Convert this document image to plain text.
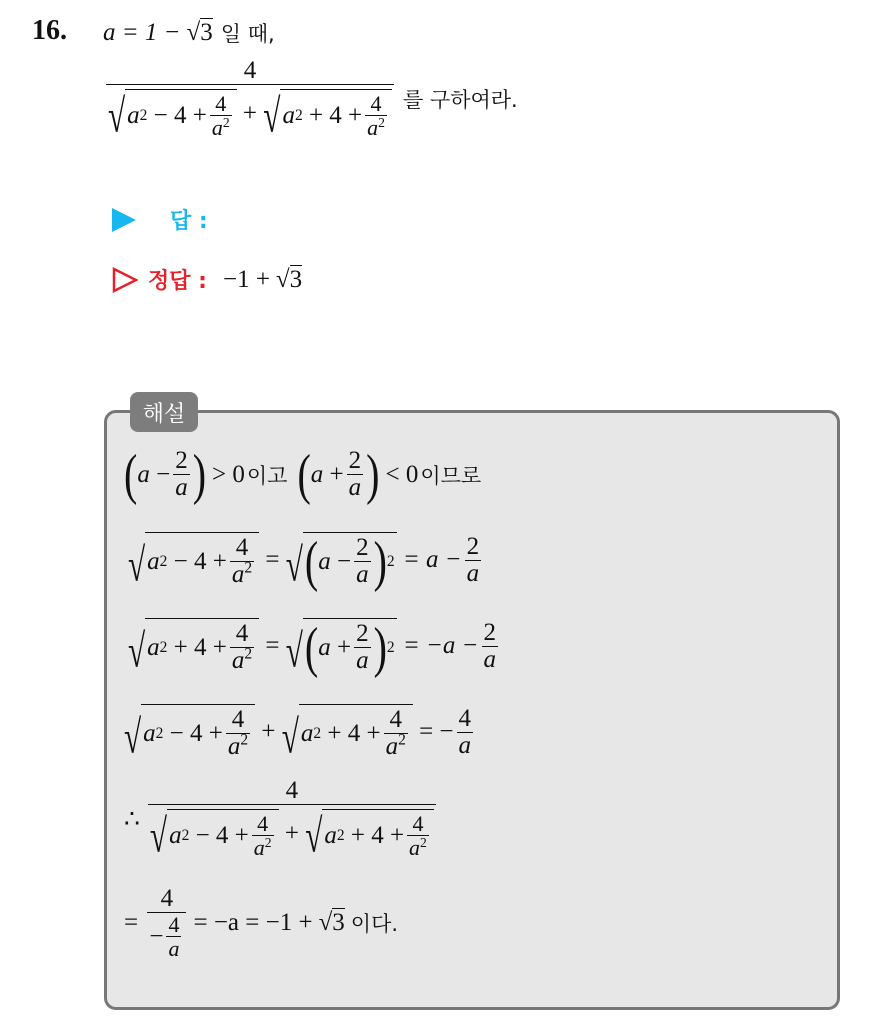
16. a = 1 − √3 일 때,
$\frac{4}{√ a 2 - 4 + \frac{4}{a^2} + √ a 2 + 4 + \frac{4}{a^2}}$ 를 구하여라.
답 :
정답 : −1 + √3
해설
( $a - \frac{2}{a}$ ) > 0 이고 ( $a + \frac{2}{a}$ ) < 0 이므로
√ a $2 - 4 + \frac{4}{a^2}$ = √ ( $a - \frac{2}{a}$ ) 2
= $a - \frac{2}{a}$
√ a $2 + 4 + \frac{4}{a^2}$ = √ ( $a + \frac{2}{a}$ ) 2
= $-a - \frac{2}{a}$
√ a $2 - 4 + \frac{4}{a^2}$ + √ a $2 + 4 + \frac{4}{a^2}$
= − $\frac{4}{a}$
∴ $\frac{4}{√ a 2 - 4 + \frac{4}{a^2} + √ a 2 + 4 + \frac{4}{a^2}}$
= $\frac{4}{- \frac{4}{a}} = -a = -1 + √3$ 이다.
